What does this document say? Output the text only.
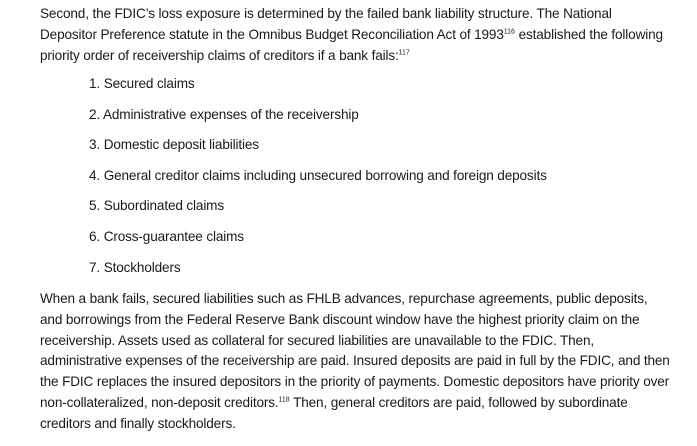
Second, the FDIC’s loss exposure is determined by the failed bank liability structure. The National Depositor Preference statute in the Omnibus Budget Reconciliation Act of 1993$^{116}$ established the following priority order of receivership claims of creditors if a bank fails:$^{117}$

1. Secured claims
2. Administrative expenses of the receivership
3. Domestic deposit liabilities
4. General creditor claims including unsecured borrowing and foreign deposits
5. Subordinated claims
6. Cross-guarantee claims
7. Stockholders

When a bank fails, secured liabilities such as FHLB advances, repurchase agreements, public deposits, and borrowings from the Federal Reserve Bank discount window have the highest priority claim on the receivership. Assets used as collateral for secured liabilities are unavailable to the FDIC. Then, administrative expenses of the receivership are paid. Insured deposits are paid in full by the FDIC, and then the FDIC replaces the insured depositors in the priority of payments. Domestic depositors have priority over non-collateralized, non-deposit creditors.$^{118}$ Then, general creditors are paid, followed by subordinate creditors and finally stockholders.
